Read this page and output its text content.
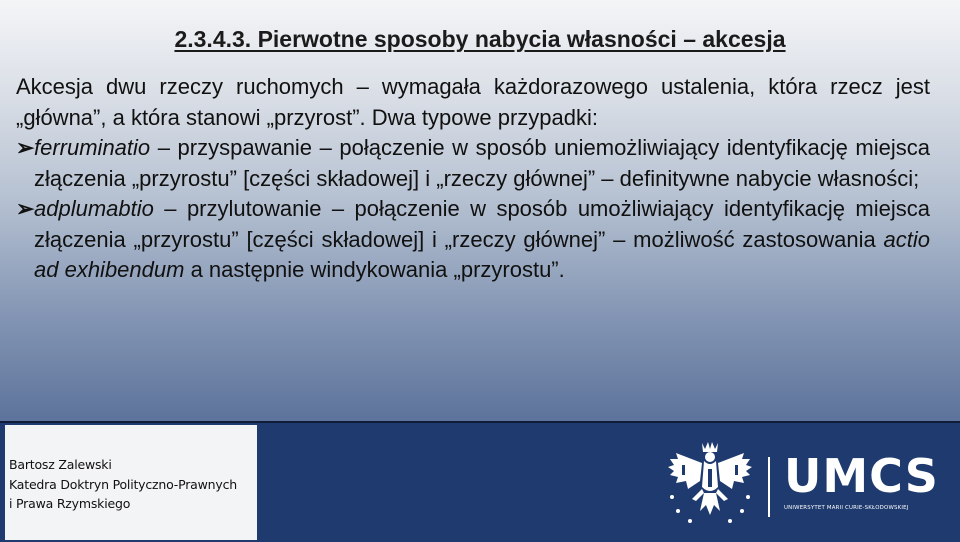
2.3.4.3. Pierwotne sposoby nabycia własności – akcesja

Akcesja dwu rzeczy ruchomych – wymagała każdorazowego ustalenia, która rzecz jest „główna”, a która stanowi „przyrost”. Dwa typowe przypadki:

➢ ferruminatio – przyspawanie – połączenie w sposób uniemożliwiający identyfikację miejsca złączenia „przyrostu” [części składowej] i „rzeczy głównej” – definitywne nabycie własności;
➢ adplumabtio – przylutowanie – połączenie w sposób umożliwiający identyfikację miejsca złączenia „przyrostu” [części składowej] i „rzeczy głównej” – możliwość zastosowania actio ad exhibendum a następnie windykowania „przyrostu”.
Bartosz Zalewski
Katedra Doktryn Polityczno-Prawnych
i Prawa Rzymskiego
UMCS
UNIWERSYTET MARII CURIE-SKŁODOWSKIEJ
